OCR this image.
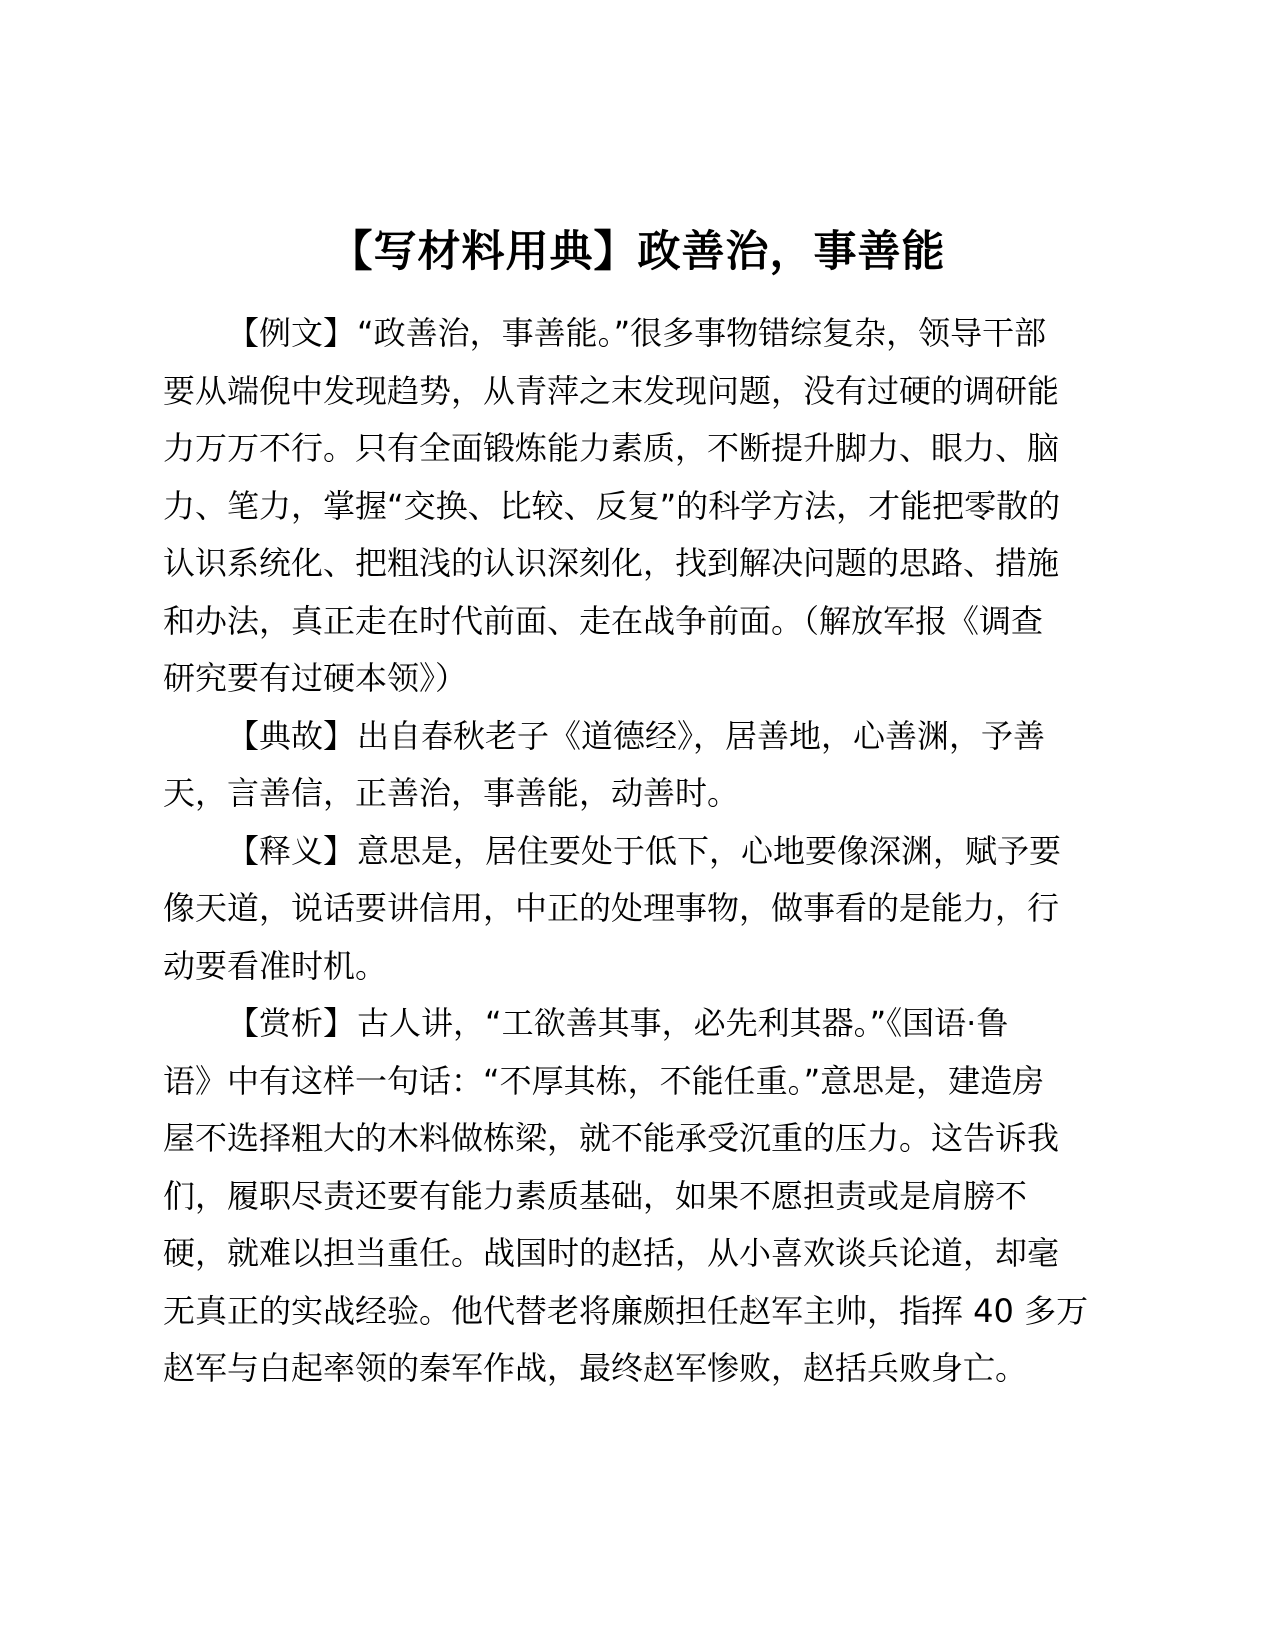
【写材料用典】政善治，事善能

【例文】“政善治，事善能。”很多事物错综复杂，领导干部
要从端倪中发现趋势，从青萍之末发现问题，没有过硬的调研能
力万万不行。只有全面锻炼能力素质，不断提升脚力、眼力、脑
力、笔力，掌握“交换、比较、反复”的科学方法，才能把零散的
认识系统化、把粗浅的认识深刻化，找到解决问题的思路、措施
和办法，真正走在时代前面、走在战争前面。（解放军报《调查
研究要有过硬本领》）

【典故】出自春秋老子《道德经》，居善地，心善渊，予善
天，言善信，正善治，事善能，动善时。

【释义】意思是，居住要处于低下，心地要像深渊，赋予要
像天道，说话要讲信用，中正的处理事物，做事看的是能力，行
动要看准时机。

【赏析】古人讲，“工欲善其事，必先利其器。”《国语·鲁
语》中有这样一句话：“不厚其栋，不能任重。”意思是，建造房
屋不选择粗大的木料做栋梁，就不能承受沉重的压力。这告诉我
们，履职尽责还要有能力素质基础，如果不愿担责或是肩膀不
硬，就难以担当重任。战国时的赵括，从小喜欢谈兵论道，却毫
无真正的实战经验。他代替老将廉颇担任赵军主帅，指挥 40 多万
赵军与白起率领的秦军作战，最终赵军惨败，赵括兵败身亡。
